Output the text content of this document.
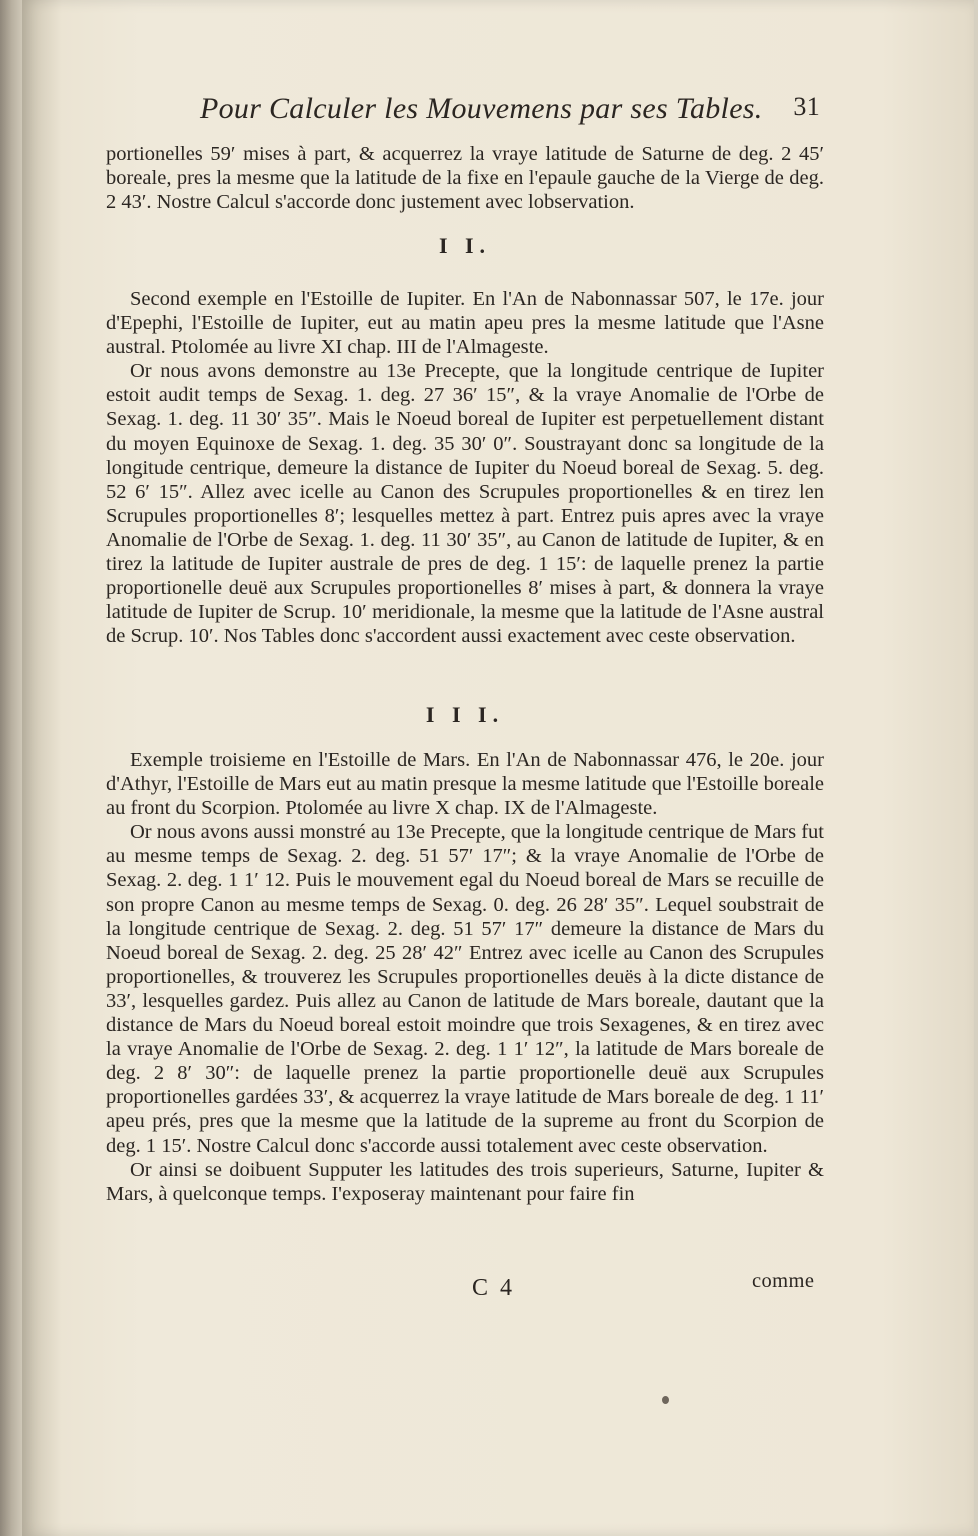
Pour Calculer les Mouvemens par ses Tables. 31

portionelles 59′ mises à part, & acquerrez la vraye latitude de Saturne de deg. 2 45′ boreale, pres la mesme que la latitude de la fixe en l'epaule gauche de la Vierge de deg. 2 43′. Nostre Calcul s'accorde donc justement avec lobservation.

I I.

Second exemple en l'Estoille de Iupiter. En l'An de Nabonnassar 507, le 17e. jour d'Epephi, l'Estoille de Iupiter, eut au matin apeu pres la mesme latitude que l'Asne austral. Ptolomée au livre XI chap. III de l'Almageste.

Or nous avons demonstre au 13e Precepte, que la longitude centrique de Iupiter estoit audit temps de Sexag. 1. deg. 27 36′ 15″, & la vraye Anomalie de l'Orbe de Sexag. 1. deg. 11 30′ 35″. Mais le Noeud boreal de Iupiter est perpetuellement distant du moyen Equinoxe de Sexag. 1. deg. 35 30′ 0″. Soustrayant donc sa longitude de la longitude centrique, demeure la distance de Iupiter du Noeud boreal de Sexag. 5. deg. 52 6′ 15″. Allez avec icelle au Canon des Scrupules proportionelles & en tirez len Scrupules proportionelles 8′; lesquelles mettez à part. Entrez puis apres avec la vraye Anomalie de l'Orbe de Sexag. 1. deg. 11 30′ 35″, au Canon de latitude de Iupiter, & en tirez la latitude de Iupiter australe de pres de deg. 1 15′: de laquelle prenez la partie proportionelle deuë aux Scrupules proportionelles 8′ mises à part, & donnera la vraye latitude de Iupiter de Scrup. 10′ meridionale, la mesme que la latitude de l'Asne austral de Scrup. 10′. Nos Tables donc s'accordent aussi exactement avec ceste observation.

I I I.

Exemple troisieme en l'Estoille de Mars. En l'An de Nabonnassar 476, le 20e. jour d'Athyr, l'Estoille de Mars eut au matin presque la mesme latitude que l'Estoille boreale au front du Scorpion. Ptolomée au livre X chap. IX de l'Almageste.

Or nous avons aussi monstré au 13e Precepte, que la longitude centrique de Mars fut au mesme temps de Sexag. 2. deg. 51 57′ 17″; & la vraye Anomalie de l'Orbe de Sexag. 2. deg. 1 1′ 12. Puis le mouvement egal du Noeud boreal de Mars se recuille de son propre Canon au mesme temps de Sexag. 0. deg. 26 28′ 35″. Lequel soubstrait de la longitude centrique de Sexag. 2. deg. 51 57′ 17″ demeure la distance de Mars du Noeud boreal de Sexag. 2. deg. 25 28′ 42″ Entrez avec icelle au Canon des Scrupules proportionelles, & trouverez les Scrupules proportionelles deuës à la dicte distance de 33′, lesquelles gardez. Puis allez au Canon de latitude de Mars boreale, dautant que la distance de Mars du Noeud boreal estoit moindre que trois Sexagenes, & en tirez avec la vraye Anomalie de l'Orbe de Sexag. 2. deg. 1 1′ 12″, la latitude de Mars boreale de deg. 2 8′ 30″: de laquelle prenez la partie proportionelle deuë aux Scrupules proportionelles gardées 33′, & acquerrez la vraye latitude de Mars boreale de deg. 1 11′ apeu prés, pres que la mesme que la latitude de la supreme au front du Scorpion de deg. 1 15′. Nostre Calcul donc s'accorde aussi totalement avec ceste observation.

Or ainsi se doibuent Supputer les latitudes des trois superieurs, Saturne, Iupiter & Mars, à quelconque temps. I'exposeray maintenant pour faire fin

C 4	comme
